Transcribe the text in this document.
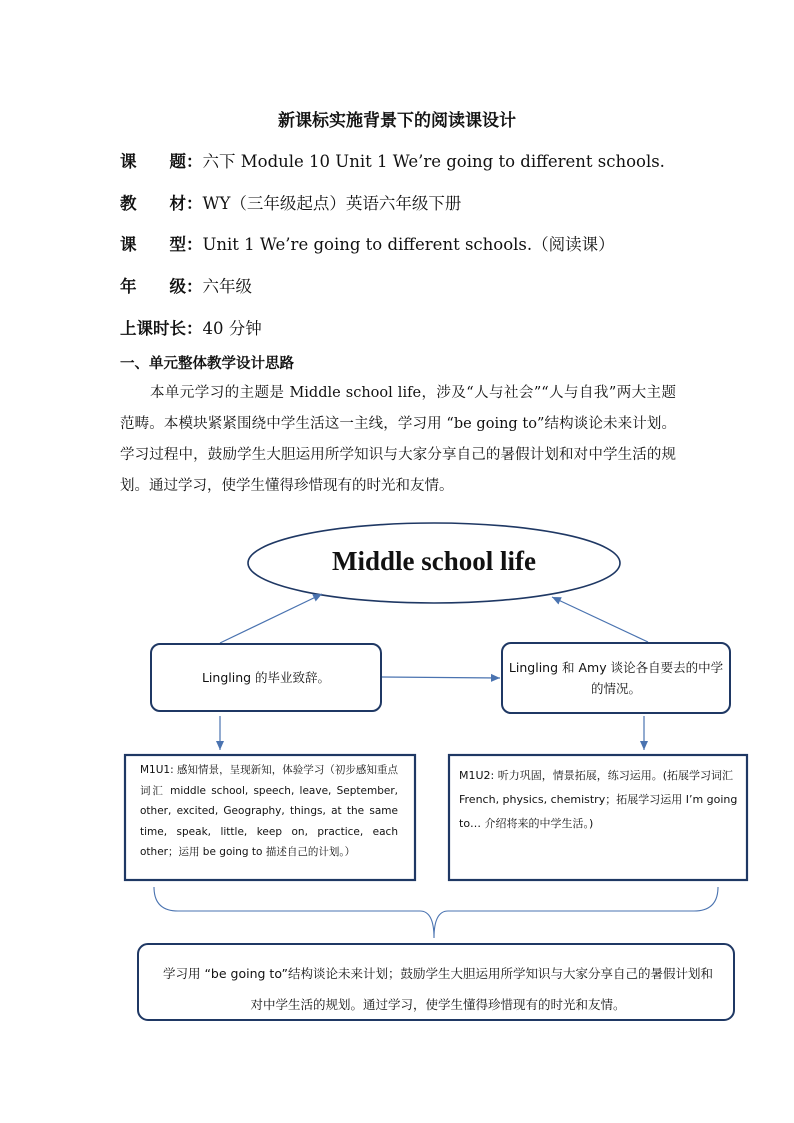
新课标实施背景下的阅读课设计
课　　题：六下 Module 10 Unit 1 We’re going to different schools.
教　　材：WY（三年级起点）英语六年级下册
课　　型：Unit 1 We’re going to different schools.（阅读课）
年　　级：六年级
上课时长：40 分钟
一、单元整体教学设计思路
本单元学习的主题是 Middle school life，涉及“人与社会”“人与自我”两大主题范畴。本模块紧紧围绕中学生活这一主线，学习用 “be going to”结构谈论未来计划。学习过程中，鼓励学生大胆运用所学知识与大家分享自己的暑假计划和对中学生活的规划。通过学习，使学生懂得珍惜现有的时光和友情。
Middle school life
Lingling 的毕业致辞。
Lingling 和 Amy 谈论各自要去的中学的情况。
M1U1: 感知情景，呈现新知，体验学习（初步感知重点词汇 middle school, speech, leave, September, other, excited, Geography, things, at the same time, speak, little, keep on, practice, each other；运用 be going to 描述自己的计划。）
M1U2: 听力巩固，情景拓展，练习运用。(拓展学习词汇 French, physics, chemistry；拓展学习运用 I’m going to… 介绍将来的中学生活。)
学习用 “be going to”结构谈论未来计划；鼓励学生大胆运用所学知识与大家分享自己的暑假计划和对中学生活的规划。通过学习，使学生懂得珍惜现有的时光和友情。
